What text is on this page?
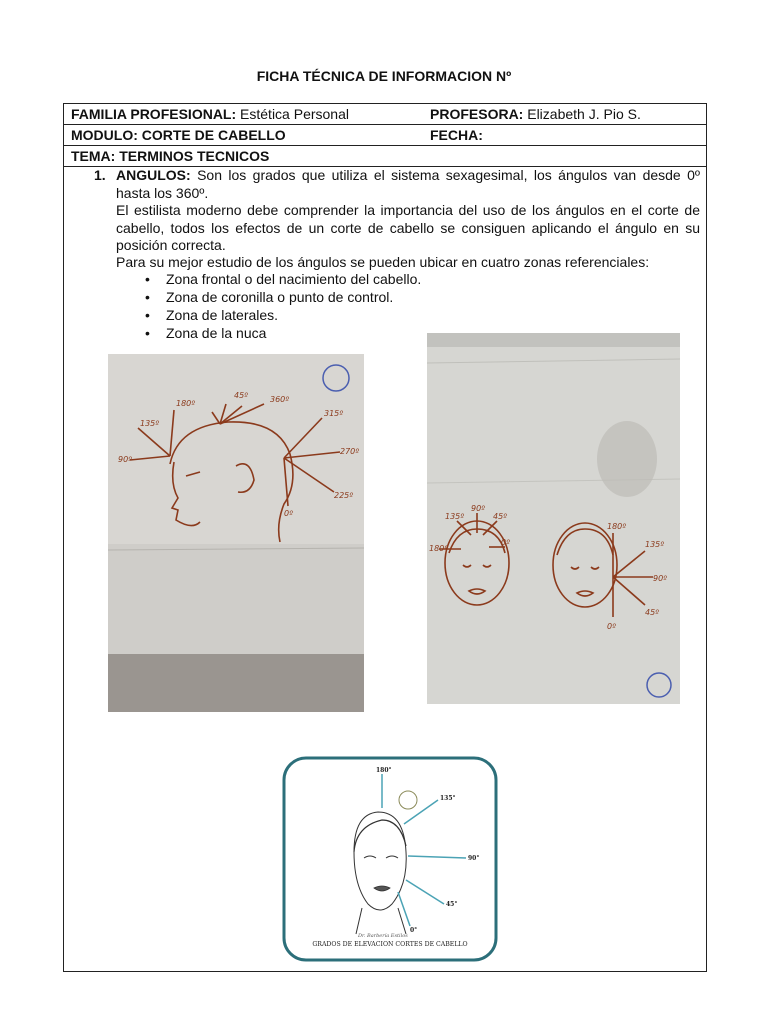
FICHA TÉCNICA DE INFORMACION Nº
FAMILIA PROFESIONAL: Estética Personal	PROFESORA: Elizabeth J. Pio S.
MODULO: CORTE DE CABELLO	FECHA:
TEMA: TERMINOS TECNICOS
1. ANGULOS: Son los grados que utiliza el sistema sexagesimal, los ángulos van desde 0º hasta los 360º.
El estilista moderno debe comprender la importancia del uso de los ángulos en el corte de cabello, todos los efectos de un corte de cabello se consiguen aplicando el ángulo en su posición correcta.
Para su mejor estudio de los ángulos se pueden ubicar en cuatro zonas referenciales:
• Zona frontal o del nacimiento del cabello.
• Zona de coronilla o punto de control.
• Zona de laterales.
• Zona de la nuca
180º
135º
90º
45º
0º
360º
315º
270º
225º
180º
135º
90º
45º
0º
180º
135º
90º
45º
0º
180°
135°
90°
45°
0°
Dr. Barbería Estilos
GRADOS DE ELEVACION CORTES DE CABELLO
